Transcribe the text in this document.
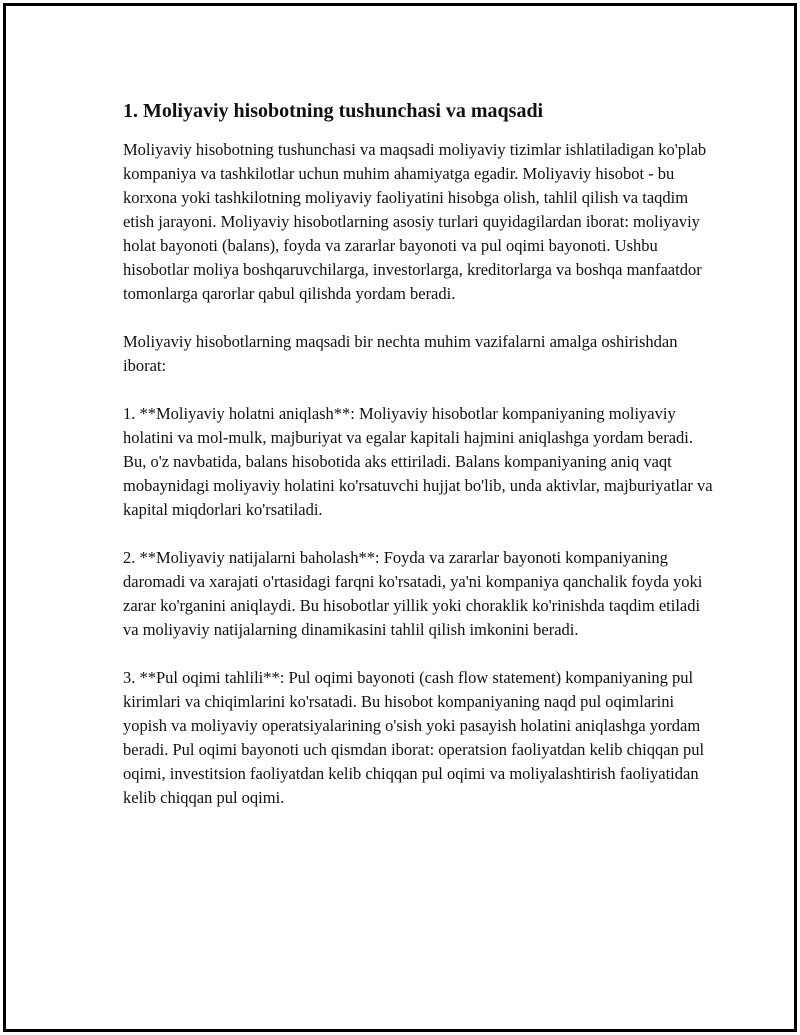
1. Moliyaviy hisobotning tushunchasi va maqsadi

Moliyaviy hisobotning tushunchasi va maqsadi moliyaviy tizimlar ishlatiladigan ko'plab kompaniya va tashkilotlar uchun muhim ahamiyatga egadir. Moliyaviy hisobot - bu korxona yoki tashkilotning moliyaviy faoliyatini hisobga olish, tahlil qilish va taqdim etish jarayoni. Moliyaviy hisobotlarning asosiy turlari quyidagilardan iborat: moliyaviy holat bayonoti (balans), foyda va zararlar bayonoti va pul oqimi bayonoti. Ushbu hisobotlar moliya boshqaruvchilarga, investorlarga, kreditorlarga va boshqa manfaatdor tomonlarga qarorlar qabul qilishda yordam beradi.

Moliyaviy hisobotlarning maqsadi bir nechta muhim vazifalarni amalga oshirishdan iborat:

1. **Moliyaviy holatni aniqlash**: Moliyaviy hisobotlar kompaniyaning moliyaviy holatini va mol-mulk, majburiyat va egalar kapitali hajmini aniqlashga yordam beradi. Bu, o'z navbatida, balans hisobotida aks ettiriladi. Balans kompaniyaning aniq vaqt mobaynidagi moliyaviy holatini ko'rsatuvchi hujjat bo'lib, unda aktivlar, majburiyatlar va kapital miqdorlari ko'rsatiladi.

2. **Moliyaviy natijalarni baholash**: Foyda va zararlar bayonoti kompaniyaning daromadi va xarajati o'rtasidagi farqni ko'rsatadi, ya'ni kompaniya qanchalik foyda yoki zarar ko'rganini aniqlaydi. Bu hisobotlar yillik yoki choraklik ko'rinishda taqdim etiladi va moliyaviy natijalarning dinamikasini tahlil qilish imkonini beradi.

3. **Pul oqimi tahlili**: Pul oqimi bayonoti (cash flow statement) kompaniyaning pul kirimlari va chiqimlarini ko'rsatadi. Bu hisobot kompaniyaning naqd pul oqimlarini yopish va moliyaviy operatsiyalarining o'sish yoki pasayish holatini aniqlashga yordam beradi. Pul oqimi bayonoti uch qismdan iborat: operatsion faoliyatdan kelib chiqqan pul oqimi, investitsion faoliyatdan kelib chiqqan pul oqimi va moliyalashtirish faoliyatidan kelib chiqqan pul oqimi.
